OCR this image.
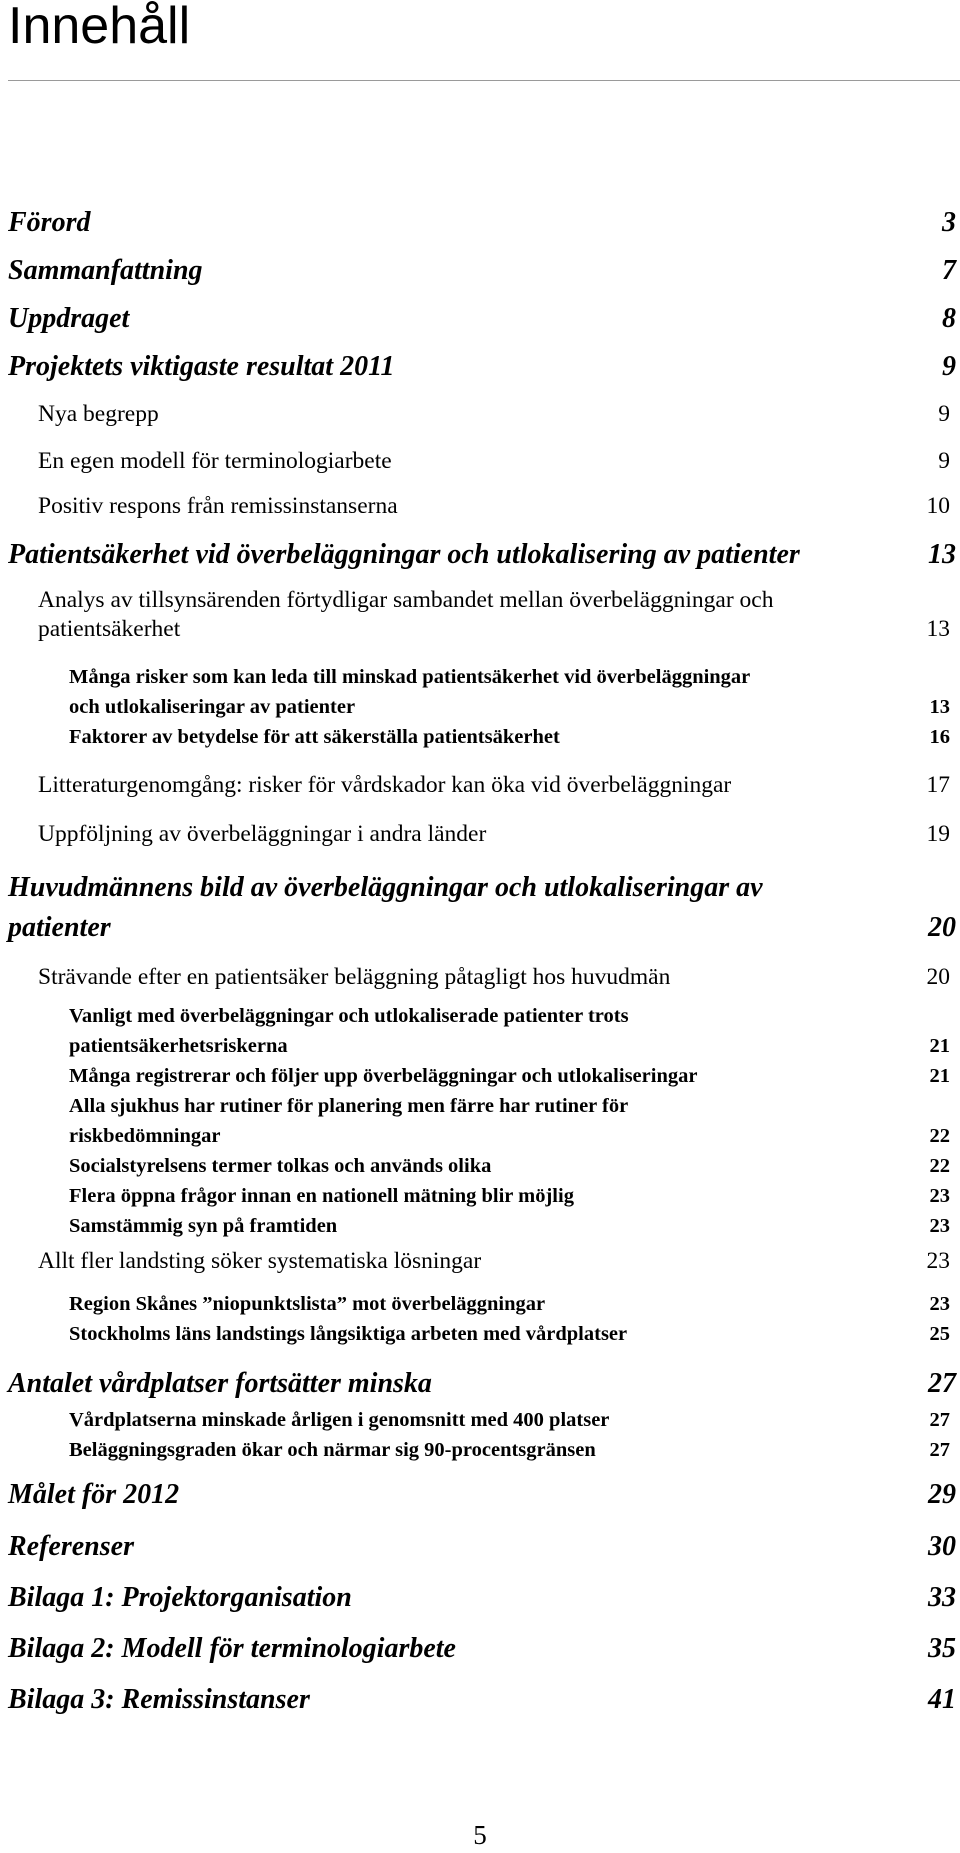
Innehåll
Förord	3
Sammanfattning	7
Uppdraget	8
Projektets viktigaste resultat 2011	9
Nya begrepp	9
En egen modell för terminologiarbete	9
Positiv respons från remissinstanserna	10
Patientsäkerhet vid överbeläggningar och utlokalisering av patienter	13
Analys av tillsynsärenden förtydligar sambandet mellan överbeläggningar och
patientsäkerhet	13
Många risker som kan leda till minskad patientsäkerhet vid överbeläggningar
och utlokaliseringar av patienter	13
Faktorer av betydelse för att säkerställa patientsäkerhet	16
Litteraturgenomgång: risker för vårdskador kan öka vid överbeläggningar	17
Uppföljning av överbeläggningar i andra länder	19
Huvudmännens bild av överbeläggningar och utlokaliseringar av
patienter	20
Strävande efter en patientsäker beläggning påtagligt hos huvudmän	20
Vanligt med överbeläggningar och utlokaliserade patienter trots
patientsäkerhetsriskerna	21
Många registrerar och följer upp överbeläggningar och utlokaliseringar	21
Alla sjukhus har rutiner för planering men färre har rutiner för
riskbedömningar	22
Socialstyrelsens termer tolkas och används olika	22
Flera öppna frågor innan en nationell mätning blir möjlig	23
Samstämmig syn på framtiden	23
Allt fler landsting söker systematiska lösningar	23
Region Skånes ”niopunktslista” mot överbeläggningar	23
Stockholms läns landstings långsiktiga arbeten med vårdplatser	25
Antalet vårdplatser fortsätter minska	27
Vårdplatserna minskade årligen i genomsnitt med 400 platser	27
Beläggningsgraden ökar och närmar sig 90-procentsgränsen	27
Målet för 2012	29
Referenser	30
Bilaga 1: Projektorganisation	33
Bilaga 2: Modell för terminologiarbete	35
Bilaga 3: Remissinstanser	41
5
